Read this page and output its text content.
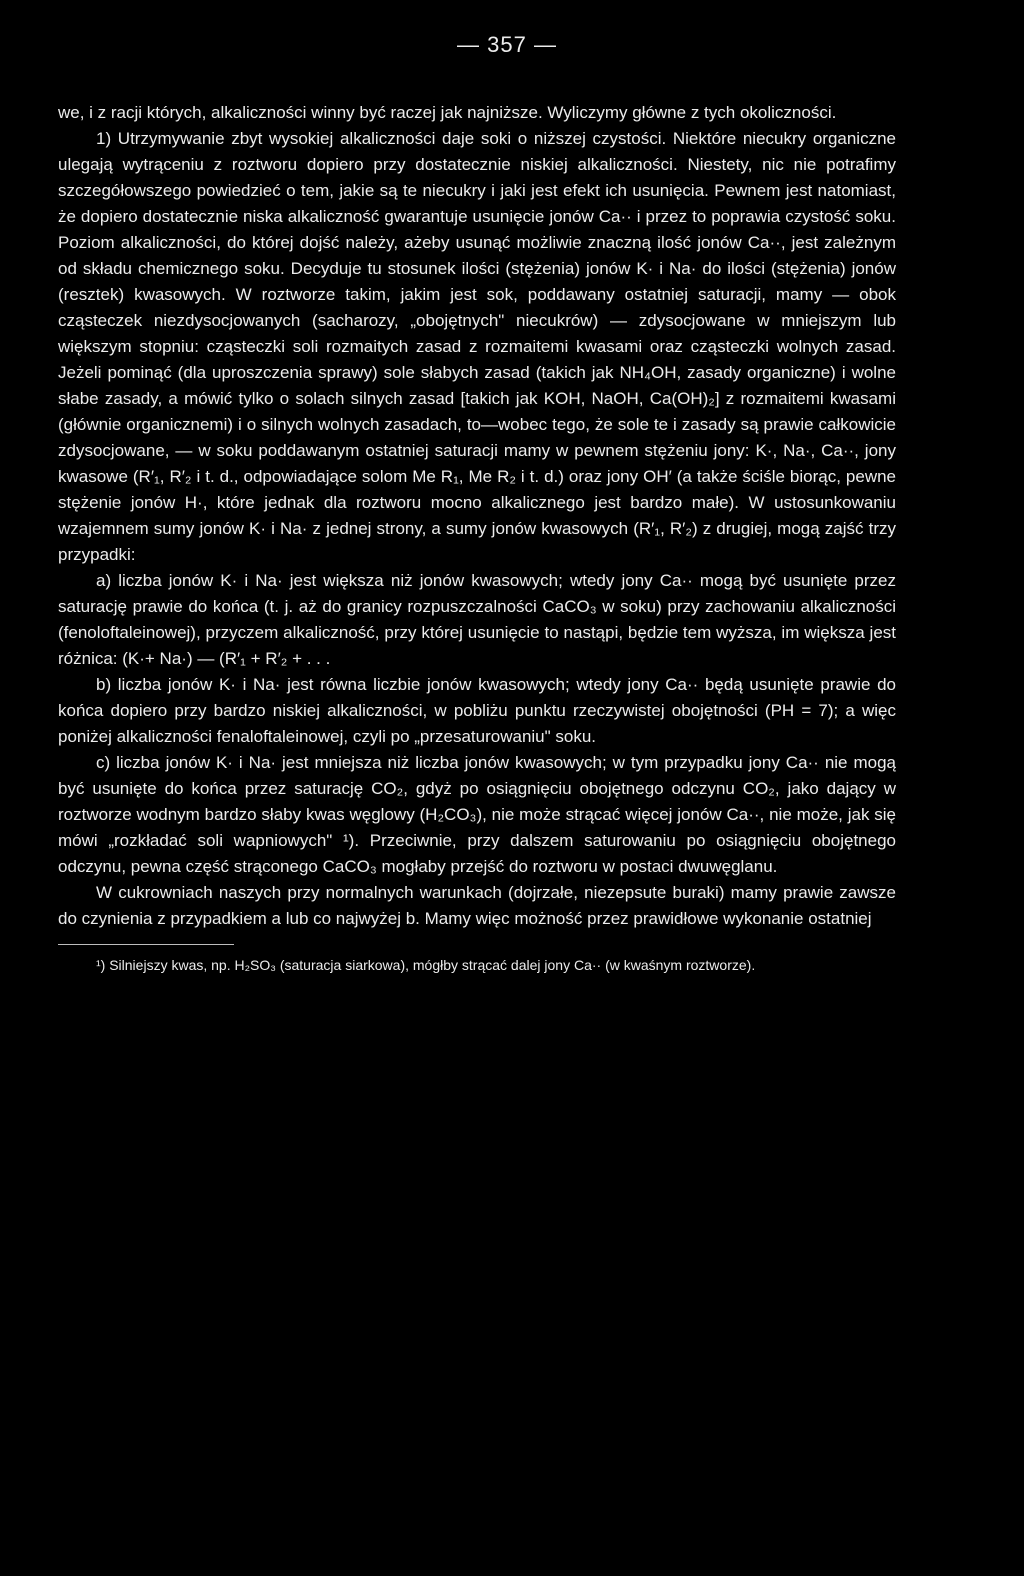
— 357 —

we, i z racji których, alkaliczności winny być raczej jak najniższe. Wyliczymy główne z tych okoliczności.

1) Utrzymywanie zbyt wysokiej alkaliczności daje soki o niższej czystości. Niektóre niecukry organiczne ulegają wytrąceniu z roztworu dopiero przy dostatecznie niskiej alkaliczności. Niestety, nic nie potrafimy szczegółowszego powiedzieć o tem, jakie są te niecukry i jaki jest efekt ich usunięcia. Pewnem jest natomiast, że dopiero dostatecznie niska alkaliczność gwarantuje usunięcie jonów Ca·· i przez to poprawia czystość soku. Poziom alkaliczności, do której dojść należy, ażeby usunąć możliwie znaczną ilość jonów Ca··, jest zależnym od składu chemicznego soku. Decyduje tu stosunek ilości (stężenia) jonów K· i Na· do ilości (stężenia) jonów (resztek) kwasowych. W roztworze takim, jakim jest sok, poddawany ostatniej saturacji, mamy — obok cząsteczek niezdysocjowanych (sacharozy, „obojętnych" niecukrów) — zdysocjowane w mniejszym lub większym stopniu: cząsteczki soli rozmaitych zasad z rozmaitemi kwasami oraz cząsteczki wolnych zasad. Jeżeli pominąć (dla uproszczenia sprawy) sole słabych zasad (takich jak NH₄OH, zasady organiczne) i wolne słabe zasady, a mówić tylko o solach silnych zasad [takich jak KOH, NaOH, Ca(OH)₂] z rozmaitemi kwasami (głównie organicznemi) i o silnych wolnych zasadach, to—wobec tego, że sole te i zasady są prawie całkowicie zdysocjowane, — w soku poddawanym ostatniej saturacji mamy w pewnem stężeniu jony: K·, Na·, Ca··, jony kwasowe (R′₁, R′₂ i t. d., odpowiadające solom Me R₁, Me R₂ i t. d.) oraz jony OH′ (a także ściśle biorąc, pewne stężenie jonów H·, które jednak dla roztworu mocno alkalicznego jest bardzo małe). W ustosunkowaniu wzajemnem sumy jonów K· i Na· z jednej strony, a sumy jonów kwasowych (R′₁, R′₂) z drugiej, mogą zajść trzy przypadki:

a) liczba jonów K· i Na· jest większa niż jonów kwasowych; wtedy jony Ca·· mogą być usunięte przez saturację prawie do końca (t. j. aż do granicy rozpuszczalności CaCO₃ w soku) przy zachowaniu alkaliczności (fenoloftaleinowej), przyczem alkaliczność, przy której usunięcie to nastąpi, będzie tem wyższa, im większa jest różnica: (K·+ Na·) — (R′₁ + R′₂ + . . .

b) liczba jonów K· i Na· jest równa liczbie jonów kwasowych; wtedy jony Ca·· będą usunięte prawie do końca dopiero przy bardzo niskiej alkaliczności, w pobliżu punktu rzeczywistej obojętności (PH = 7); a więc poniżej alkaliczności fenaloftaleinowej, czyli po „przesaturowaniu" soku.

c) liczba jonów K· i Na· jest mniejsza niż liczba jonów kwasowych; w tym przypadku jony Ca·· nie mogą być usunięte do końca przez saturację CO₂, gdyż po osiągnięciu obojętnego odczynu CO₂, jako dający w roztworze wodnym bardzo słaby kwas węglowy (H₂CO₃), nie może strącać więcej jonów Ca··, nie może, jak się mówi „rozkładać soli wapniowych" ¹). Przeciwnie, przy dalszem saturowaniu po osiągnięciu obojętnego odczynu, pewna część strąconego CaCO₃ mogłaby przejść do roztworu w postaci dwuwęglanu.

W cukrowniach naszych przy normalnych warunkach (dojrzałe, niezepsute buraki) mamy prawie zawsze do czynienia z przypadkiem a lub co najwyżej b. Mamy więc możność przez prawidłowe wykonanie ostatniej

¹) Silniejszy kwas, np. H₂SO₃ (saturacja siarkowa), mógłby strącać dalej jony Ca·· (w kwaśnym roztworze).
